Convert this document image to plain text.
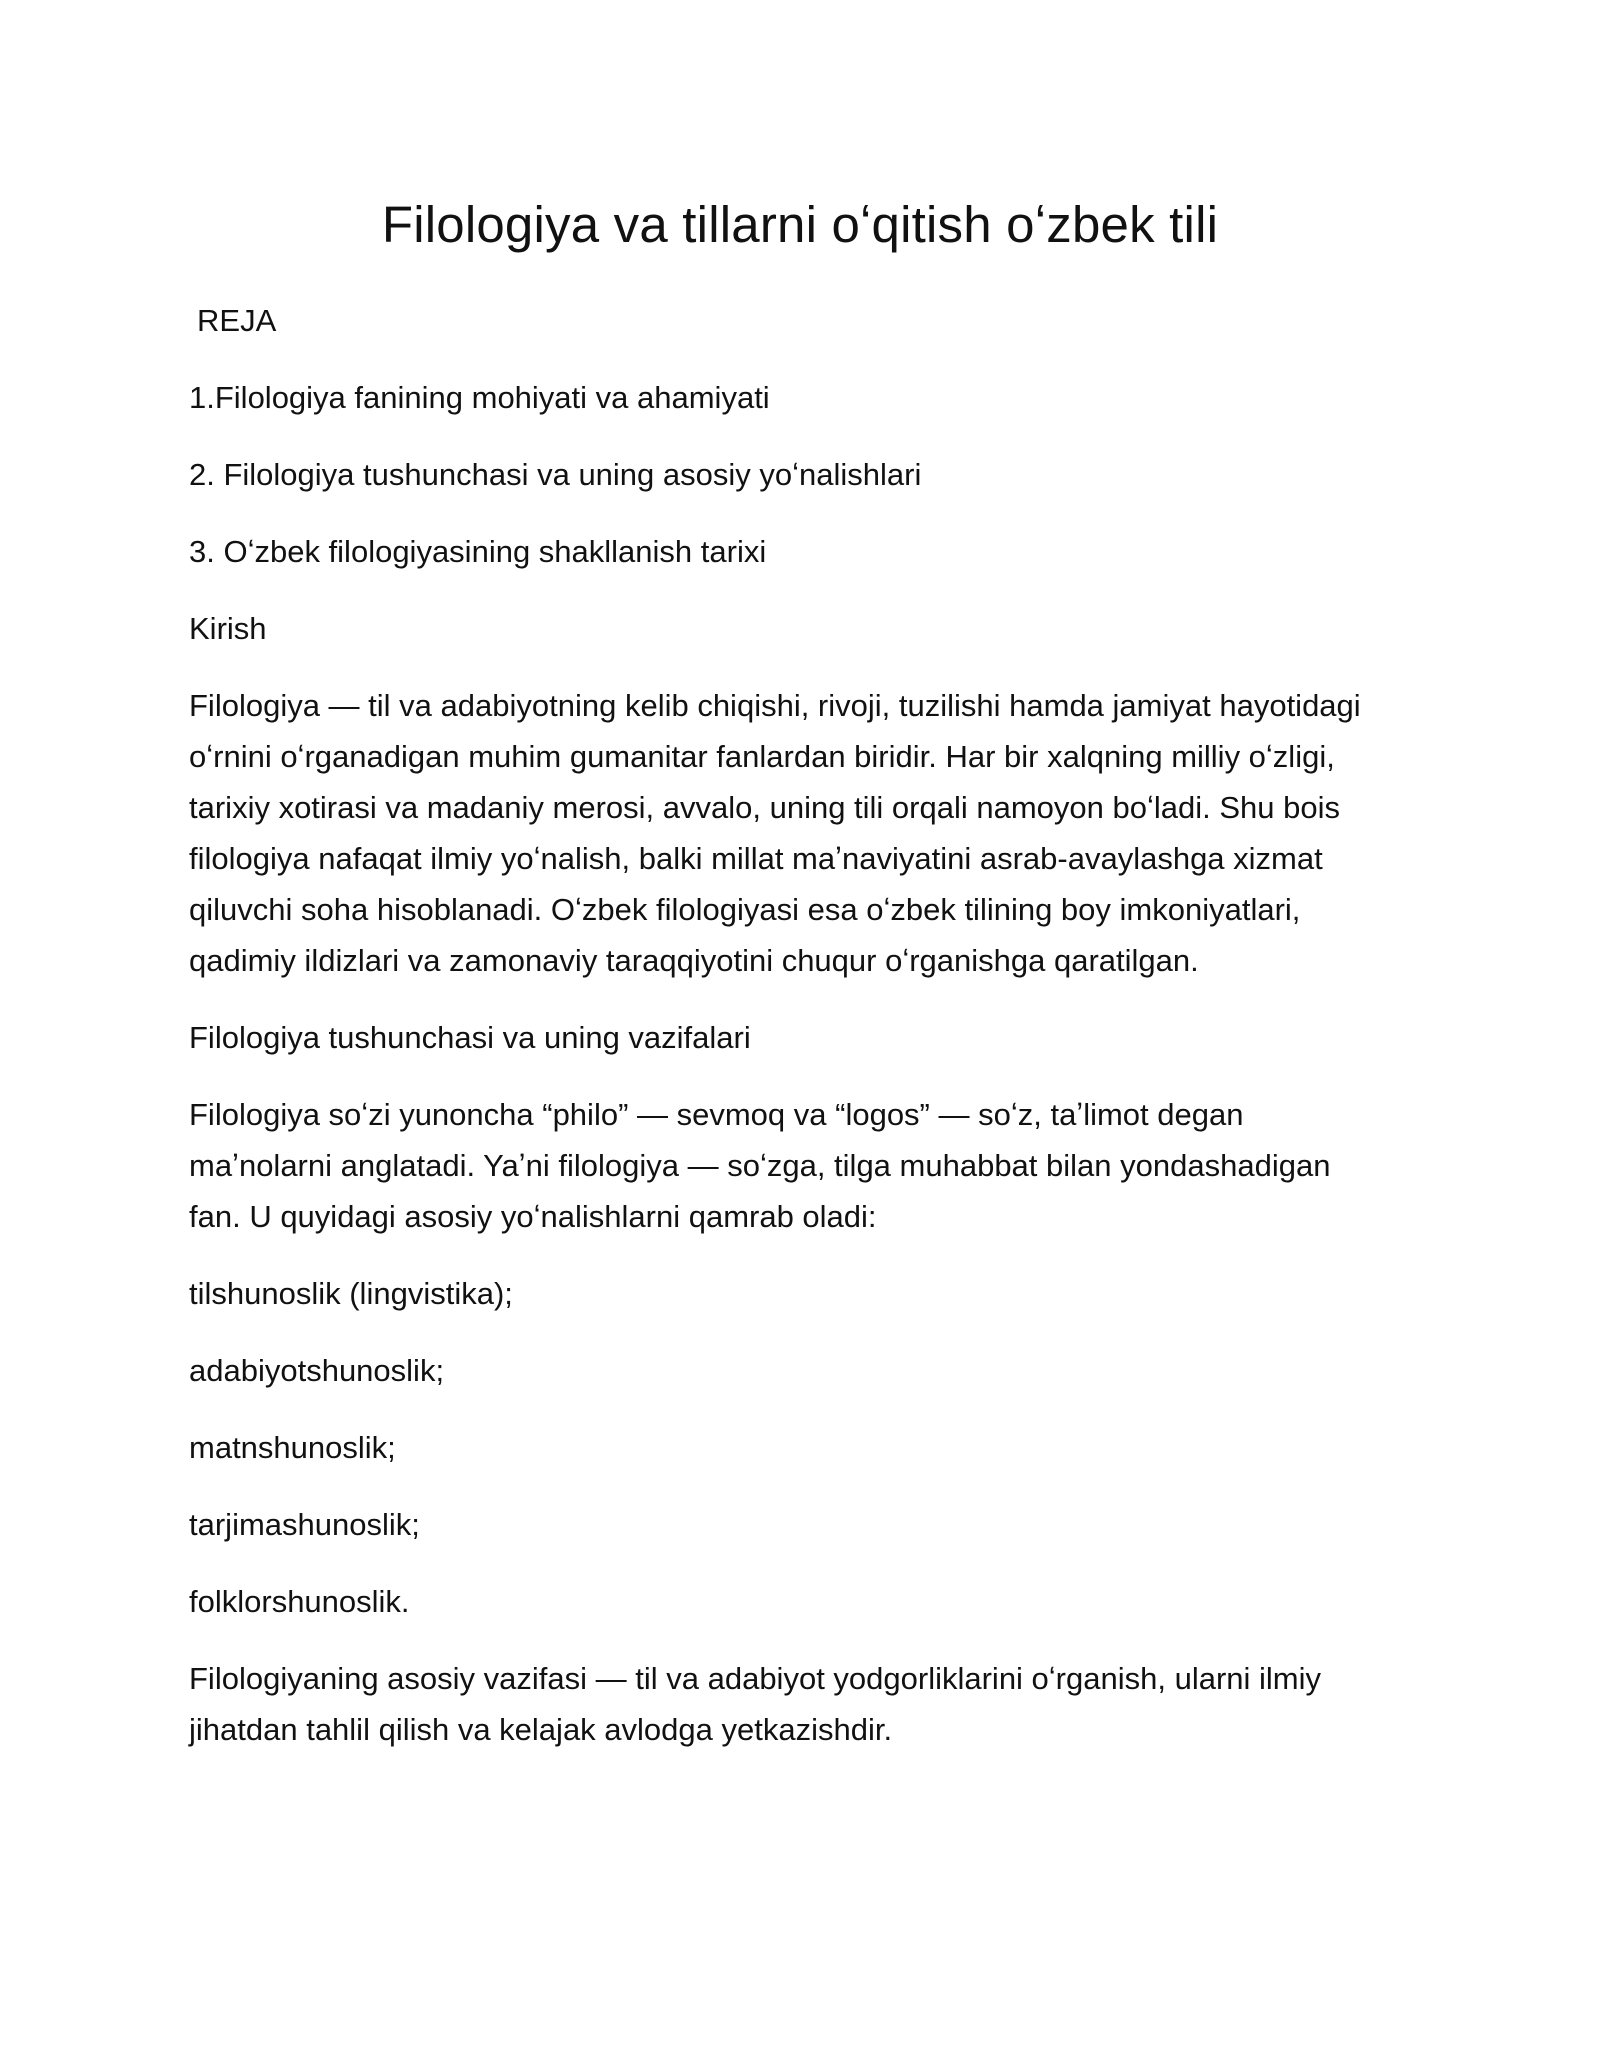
Filologiya va tillarni oʻqitish oʻzbek tili

REJA

1.Filologiya fanining mohiyati va ahamiyati

2. Filologiya tushunchasi va uning asosiy yoʻnalishlari

3. Oʻzbek filologiyasining shakllanish tarixi

Kirish

Filologiya — til va adabiyotning kelib chiqishi, rivoji, tuzilishi hamda jamiyat hayotidagi oʻrnini oʻrganadigan muhim gumanitar fanlardan biridir. Har bir xalqning milliy oʻzligi, tarixiy xotirasi va madaniy merosi, avvalo, uning tili orqali namoyon boʻladi. Shu bois filologiya nafaqat ilmiy yoʻnalish, balki millat maʼnaviyatini asrab-avaylashga xizmat qiluvchi soha hisoblanadi. Oʻzbek filologiyasi esa oʻzbek tilining boy imkoniyatlari, qadimiy ildizlari va zamonaviy taraqqiyotini chuqur oʻrganishga qaratilgan.

Filologiya tushunchasi va uning vazifalari

Filologiya soʻzi yunoncha “philo” — sevmoq va “logos” — soʻz, taʼlimot degan maʼnolarni anglatadi. Yaʼni filologiya — soʻzga, tilga muhabbat bilan yondashadigan fan. U quyidagi asosiy yoʻnalishlarni qamrab oladi:

tilshunoslik (lingvistika);

adabiyotshunoslik;

matnshunoslik;

tarjimashunoslik;

folklorshunoslik.

Filologiyaning asosiy vazifasi — til va adabiyot yodgorliklarini oʻrganish, ularni ilmiy jihatdan tahlil qilish va kelajak avlodga yetkazishdir.
